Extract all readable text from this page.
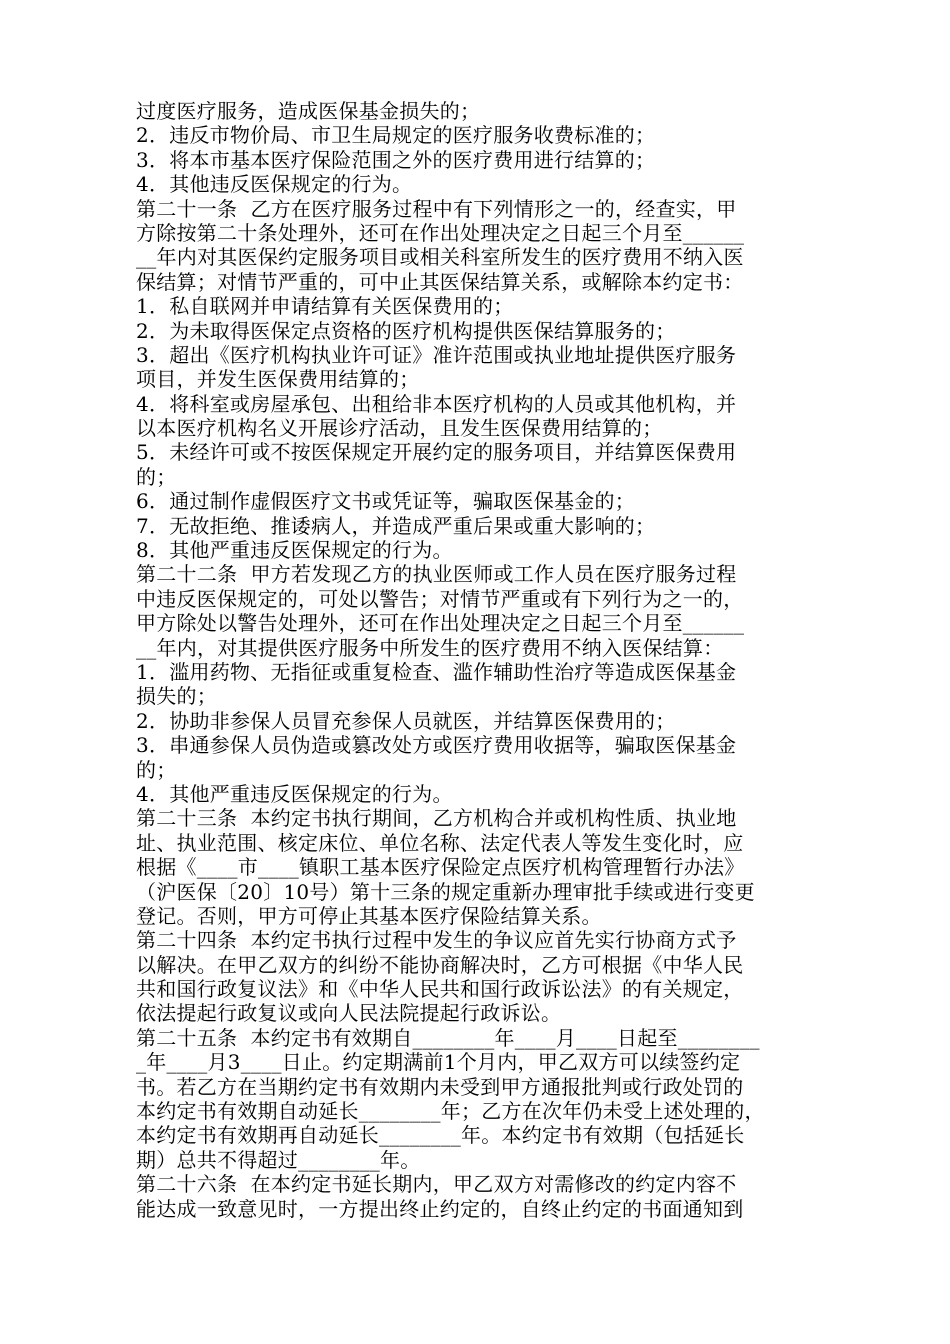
过度医疗服务，造成医保基金损失的；
2．违反市物价局、市卫生局规定的医疗服务收费标准的；
3．将本市基本医疗保险范围之外的医疗费用进行结算的；
4．其他违反医保规定的行为。
第二十一条  乙方在医疗服务过程中有下列情形之一的，经查实，甲
方除按第二十条处理外，还可在作出处理决定之日起三个月至______
__年内对其医保约定服务项目或相关科室所发生的医疗费用不纳入医
保结算；对情节严重的，可中止其医保结算关系，或解除本约定书：
1．私自联网并申请结算有关医保费用的；
2．为未取得医保定点资格的医疗机构提供医保结算服务的；
3．超出《医疗机构执业许可证》准许范围或执业地址提供医疗服务
项目，并发生医保费用结算的；
4．将科室或房屋承包、出租给非本医疗机构的人员或其他机构，并
以本医疗机构名义开展诊疗活动，且发生医保费用结算的；
5．未经许可或不按医保规定开展约定的服务项目，并结算医保费用
的；
6．通过制作虚假医疗文书或凭证等，骗取医保基金的；
7．无故拒绝、推诿病人，并造成严重后果或重大影响的；
8．其他严重违反医保规定的行为。
第二十二条  甲方若发现乙方的执业医师或工作人员在医疗服务过程
中违反医保规定的，可处以警告；对情节严重或有下列行为之一的，
甲方除处以警告处理外，还可在作出处理决定之日起三个月至______
__年内，对其提供医疗服务中所发生的医疗费用不纳入医保结算：
1．滥用药物、无指征或重复检查、滥作辅助性治疗等造成医保基金
损失的；
2．协助非参保人员冒充参保人员就医，并结算医保费用的；
3．串通参保人员伪造或篡改处方或医疗费用收据等，骗取医保基金
的；
4．其他严重违反医保规定的行为。
第二十三条  本约定书执行期间，乙方机构合并或机构性质、执业地
址、执业范围、核定床位、单位名称、法定代表人等发生变化时，应
根据《____市____镇职工基本医疗保险定点医疗机构管理暂行办法》
（沪医保〔20〕10号）第十三条的规定重新办理审批手续或进行变更
登记。否则，甲方可停止其基本医疗保险结算关系。
第二十四条  本约定书执行过程中发生的争议应首先实行协商方式予
以解决。在甲乙双方的纠纷不能协商解决时，乙方可根据《中华人民
共和国行政复议法》和《中华人民共和国行政诉讼法》的有关规定，
依法提起行政复议或向人民法院提起行政诉讼。
第二十五条  本约定书有效期自________年____月____日起至________
_年____月3____日止。约定期满前1个月内，甲乙双方可以续签约定
书。若乙方在当期约定书有效期内未受到甲方通报批判或行政处罚的
本约定书有效期自动延长________年；乙方在次年仍未受上述处理的，
本约定书有效期再自动延长________年。本约定书有效期（包括延长
期）总共不得超过________年。
第二十六条  在本约定书延长期内，甲乙双方对需修改的约定内容不
能达成一致意见时，一方提出终止约定的，自终止约定的书面通知到
